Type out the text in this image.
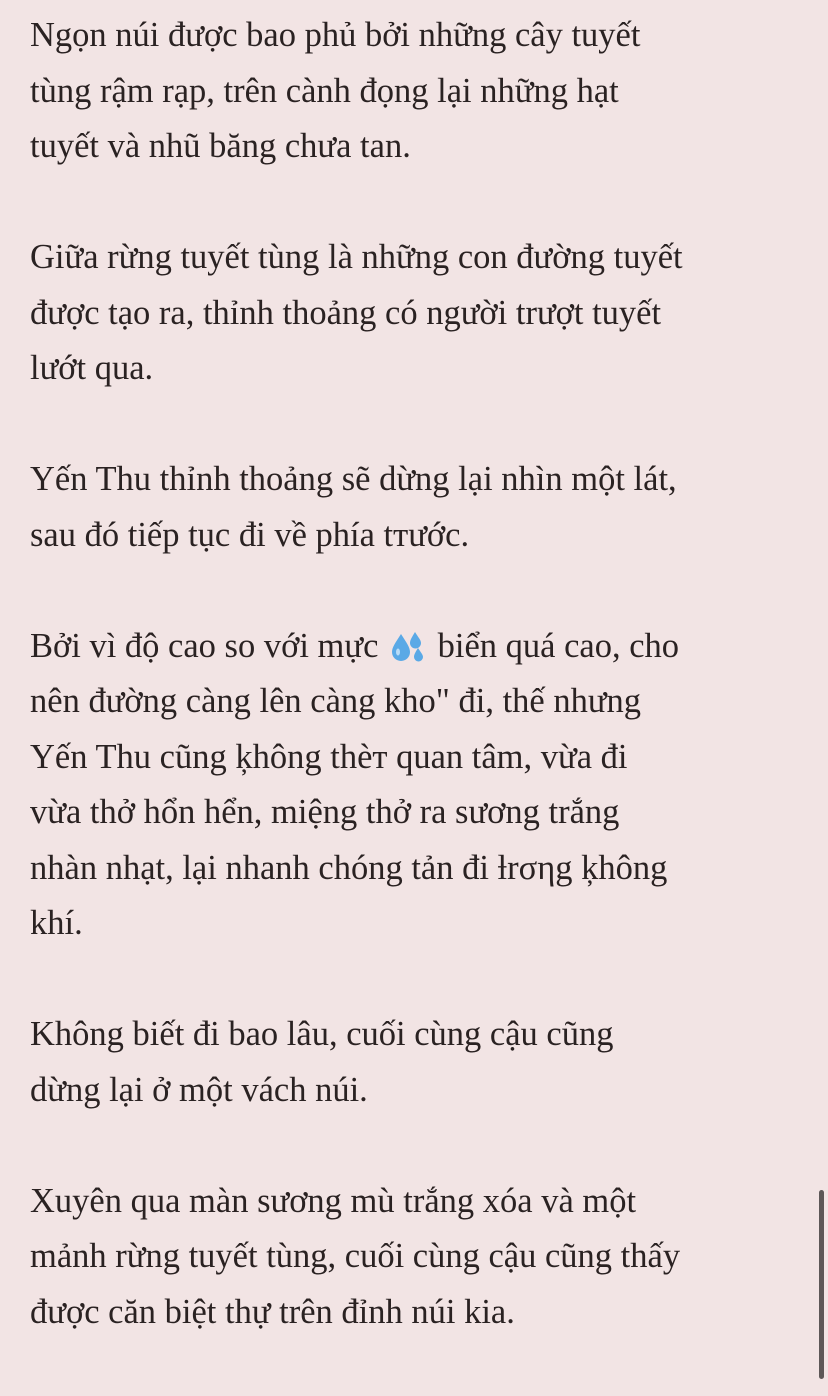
Ngọn núi được bao phủ bởi những cây tuyết
tùng rậm rạp, trên cành đọng lại những hạt
tuyết và nhũ băng chưa tan.

Giữa rừng tuyết tùng là những con đường tuyết
được tạo ra, thỉnh thoảng có người trượt tuyết
lướt qua.

Yến Thu thỉnh thoảng sẽ dừng lại nhìn một lát,
sau đó tiếp tục đi về phía tтước.

Bởi vì độ cao so với mực biển quá cao, cho
nên đường càng lên càng kho" đi, thế nhưng
Yến Thu cũng ķhông thèт quan tâm, vừa đi
vừa thở hổn hển, miệng thở ra sương trắng
nhàn nhạt, lại nhanh chóng tản đi ƚrσηg ķhông
khí.

Không biết đi bao lâu, cuối cùng cậu cũng
dừng lại ở một vách núi.

Xuyên qua màn sương mù trắng xóa và một
mảnh rừng tuyết tùng, cuối cùng cậu cũng thấy
được căn biệt thự trên đỉnh núi kia.
